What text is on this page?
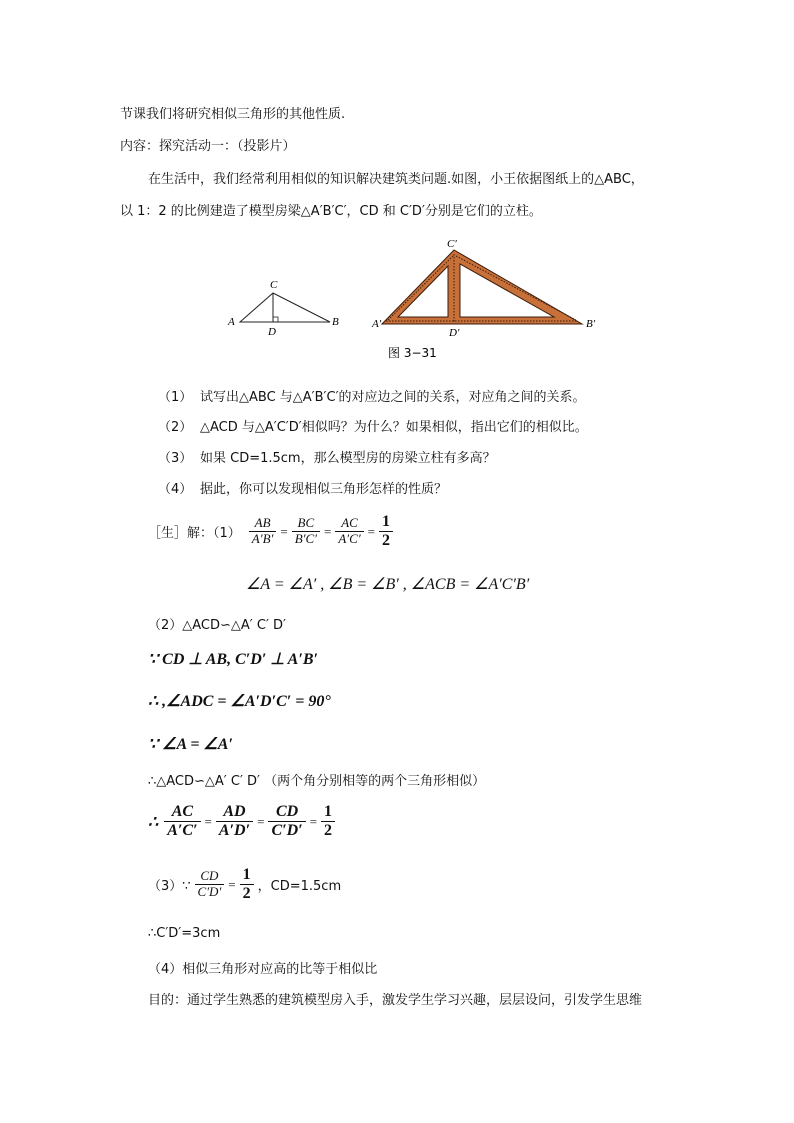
节课我们将研究相似三角形的其他性质.
内容：探究活动一：（投影片）
在生活中，我们经常利用相似的知识解决建筑类问题.如图，小王依据图纸上的△ABC，
以 1：2 的比例建造了模型房梁△A′B′C′，CD 和 C′D′分别是它们的立柱。
A	B
C
D
A′	B′
C′
D′
图 3−31
（1） 试写出△ABC 与△A′B′C′的对应边之间的关系，对应角之间的关系。
（2） △ACD 与△A′C′D′相似吗？为什么？如果相似，指出它们的相似比。
（3） 如果 CD=1.5cm，那么模型房的房梁立柱有多高？
（4） 据此，你可以发现相似三角形怎样的性质？
［生］解：$(1) \frac{AB}{A'B'} = \frac{BC}{B'C'} = \frac{AC}{A'C'} = \frac{1}{2}$
∠A = ∠A′ , ∠B = ∠B′ , ∠ACB = ∠A′C′B′
（2）△ACD∽△A′ C′ D′
∵ CD ⊥ AB, C′D′ ⊥ A′B′
∴ ,∠ADC = ∠A′D′C′ = 90°
∵ ∠A = ∠A′
∴△ACD∽△A′ C′ D′ （两个角分别相等的两个三角形相似）
∴ $\frac{AC}{A'C'} = \frac{AD}{A'D'} = \frac{CD}{C'D'} = \frac{1}{2}$
（3）∵ $\frac{CD}{C'D'} = \frac{1}{2}$ ，CD=1.5cm
∴C′D′=3cm
（4）相似三角形对应高的比等于相似比
目的：通过学生熟悉的建筑模型房入手，激发学生学习兴趣，层层设问，引发学生思维
